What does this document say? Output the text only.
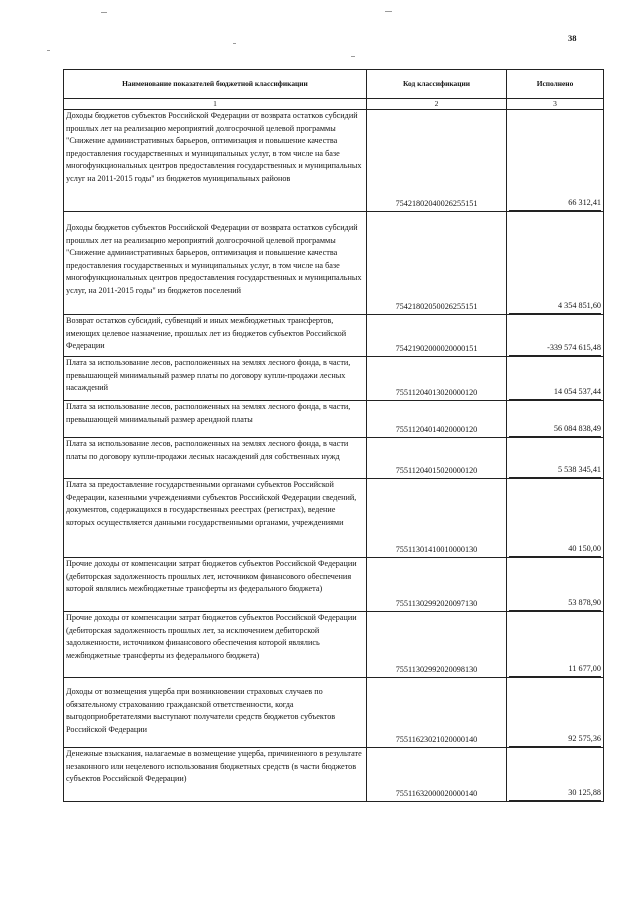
38
Наименование показателей бюджетной классификации	Код классификации	Исполнено
1	2	3
Доходы бюджетов субъектов Российской Федерации от возврата остатков субсидий прошлых лет на реализацию мероприятий долгосрочной целевой программы "Снижение административных барьеров, оптимизация и повышение качества предоставления государственных и муниципальных услуг, в том числе на базе многофункциональных центров предоставления государственных и муниципальных услуг на 2011-2015 годы" из бюджетов муниципальных районов	75421802040026255151	66 312,41

Доходы бюджетов субъектов Российской Федерации от возврата остатков субсидий прошлых лет на реализацию мероприятий долгосрочной целевой программы "Снижение административных барьеров, оптимизация и повышение качества предоставления государственных и муниципальных услуг, в том числе на базе многофункциональных центров предоставления государственных и муниципальных услуг, на 2011-2015 годы" из бюджетов поселений	75421802050026255151	4 354 851,60

Возврат остатков субсидий, субвенций и иных межбюджетных трансфертов, имеющих целевое назначение, прошлых лет из бюджетов субъектов Российской Федерации	75421902000020000151	-339 574 615,48

Плата за использование лесов, расположенных на землях лесного фонда, в части, превышающей минимальный размер платы по договору купли-продажи лесных насаждений	75511204013020000120	14 054 537,44

Плата за использование лесов, расположенных на землях лесного фонда, в части, превышающей минимальный размер арендной платы	75511204014020000120	56 084 838,49

Плата за использование лесов, расположенных на землях лесного фонда, в части платы по договору купли-продажи лесных насаждений для собственных нужд	75511204015020000120	5 538 345,41

Плата за предоставление государственными органами субъектов Российской Федерации, казенными учреждениями субъектов Российской Федерации сведений, документов, содержащихся в государственных реестрах (регистрах), ведение которых осуществляется данными государственными органами, учреждениями	75511301410010000130	40 150,00

Прочие доходы от компенсации затрат бюджетов субъектов Российской Федерации (дебиторская задолженность прошлых лет, источником финансового обеспечения которой являлись межбюджетные трансферты из федерального бюджета)	75511302992020097130	53 878,90

Прочие доходы от компенсации затрат бюджетов субъектов Российской Федерации (дебиторская задолженность прошлых лет, за исключением дебиторской задолженности, источником финансового обеспечения которой являлись межбюджетные трансферты из федерального бюджета)	75511302992020098130	11 677,00

Доходы от возмещения ущерба при возникновении страховых случаев по обязательному страхованию гражданской ответственности, когда выгодоприобретателями выступают получатели средств бюджетов субъектов Российской Федерации	75511623021020000140	92 575,36

Денежные взыскания, налагаемые в возмещение ущерба, причиненного в результате незаконного или нецелевого использования бюджетных средств (в части бюджетов субъектов Российской Федерации)	75511632000020000140	30 125,88
